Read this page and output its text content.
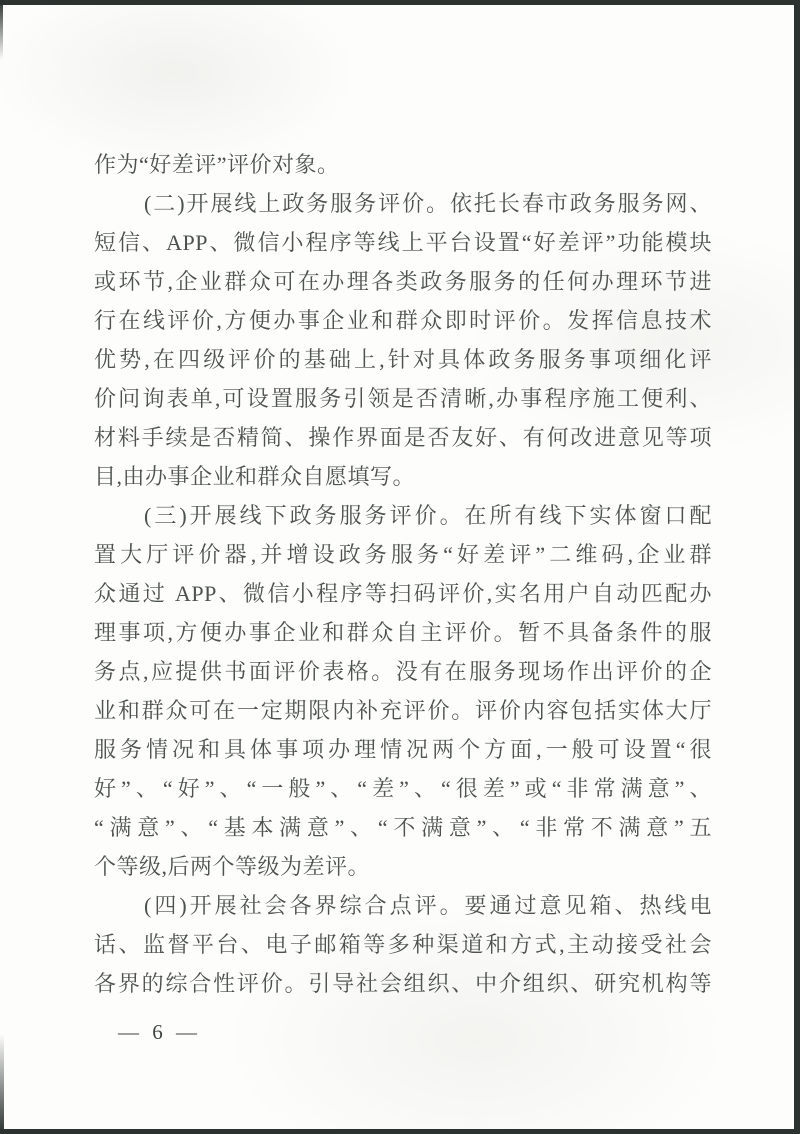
作为“好差评”评价对象。
(二)开展线上政务服务评价。依托长春市政务服务网、
短信、APP、微信小程序等线上平台设置“好差评”功能模块
或环节,企业群众可在办理各类政务服务的任何办理环节进
行在线评价,方便办事企业和群众即时评价。发挥信息技术
优势,在四级评价的基础上,针对具体政务服务事项细化评
价问询表单,可设置服务引领是否清晰,办事程序施工便利、
材料手续是否精简、操作界面是否友好、有何改进意见等项
目,由办事企业和群众自愿填写。
(三)开展线下政务服务评价。在所有线下实体窗口配
置大厅评价器,并增设政务服务“好差评”二维码,企业群
众通过 APP、微信小程序等扫码评价,实名用户自动匹配办
理事项,方便办事企业和群众自主评价。暂不具备条件的服
务点,应提供书面评价表格。没有在服务现场作出评价的企
业和群众可在一定期限内补充评价。评价内容包括实体大厅
服务情况和具体事项办理情况两个方面,一般可设置“很
好”、“好”、“一般”、“差”、“很差”或“非常满意”、
“满意”、“基本满意”、“不满意”、“非常不满意”五
个等级,后两个等级为差评。
(四)开展社会各界综合点评。要通过意见箱、热线电
话、监督平台、电子邮箱等多种渠道和方式,主动接受社会
各界的综合性评价。引导社会组织、中介组织、研究机构等
— 6 —
